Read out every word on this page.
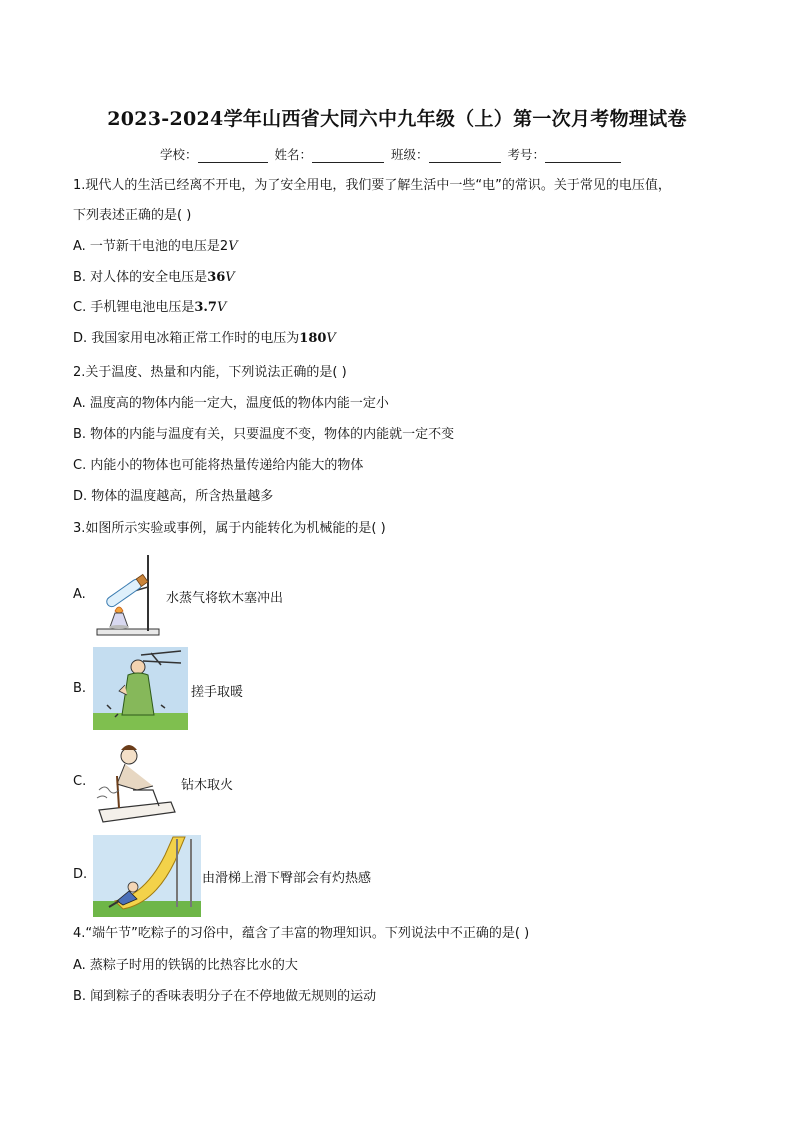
2023-2024学年山西省大同六中九年级（上）第一次月考物理试卷
学校：	姓名：	班级：	考号：
1.现代人的生活已经离不开电，为了安全用电，我们要了解生活中一些“电”的常识。关于常见的电压值，
下列表述正确的是( )
A. 一节新干电池的电压是2V
B. 对人体的安全电压是36V
C. 手机锂电池电压是3.7V
D. 我国家用电冰箱正常工作时的电压为180V
2.关于温度、热量和内能，下列说法正确的是( )
A. 温度高的物体内能一定大，温度低的物体内能一定小
B. 物体的内能与温度有关，只要温度不变，物体的内能就一定不变
C. 内能小的物体也可能将热量传递给内能大的物体
D. 物体的温度越高，所含热量越多
3.如图所示实验或事例，属于内能转化为机械能的是( )
A.	水蒸气将软木塞冲出
B.	搓手取暖
C.	钻木取火
D.	由滑梯上滑下臀部会有灼热感
4.“端午节”吃粽子的习俗中，蕴含了丰富的物理知识。下列说法中不正确的是( )
A. 蒸粽子时用的铁锅的比热容比水的大
B. 闻到粽子的香味表明分子在不停地做无规则的运动
